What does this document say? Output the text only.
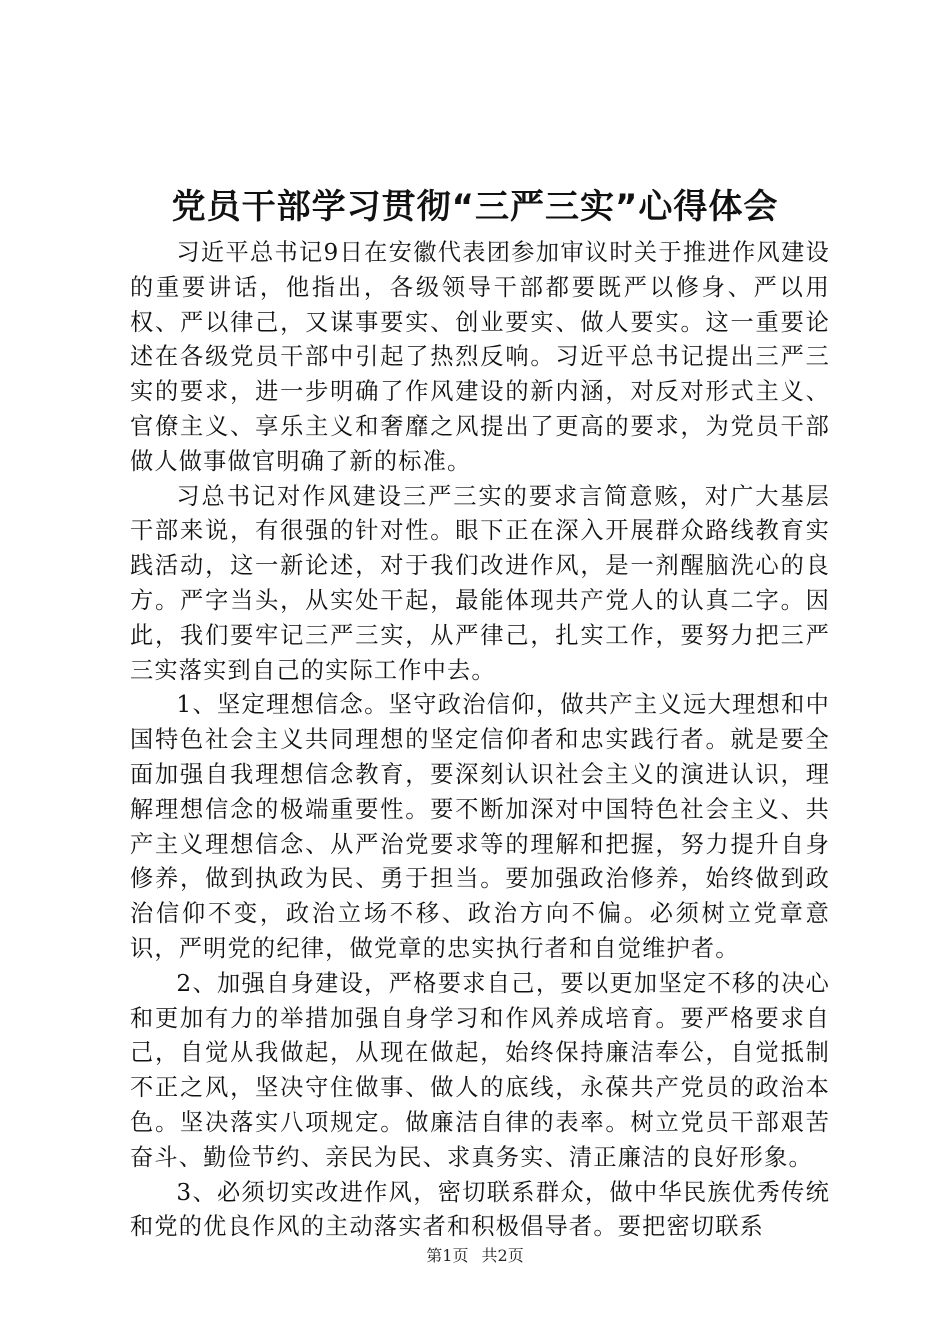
党员干部学习贯彻“三严三实”心得体会

习近平总书记9日在安徽代表团参加审议时关于推进作风建设的重要讲话，他指出，各级领导干部都要既严以修身、严以用权、严以律己，又谋事要实、创业要实、做人要实。这一重要论述在各级党员干部中引起了热烈反响。习近平总书记提出三严三实的要求，进一步明确了作风建设的新内涵，对反对形式主义、官僚主义、享乐主义和奢靡之风提出了更高的要求，为党员干部做人做事做官明确了新的标准。

习总书记对作风建设三严三实的要求言简意赅，对广大基层干部来说，有很强的针对性。眼下正在深入开展群众路线教育实践活动，这一新论述，对于我们改进作风，是一剂醒脑洗心的良方。严字当头，从实处干起，最能体现共产党人的认真二字。因此，我们要牢记三严三实，从严律己，扎实工作，要努力把三严三实落实到自己的实际工作中去。

1、坚定理想信念。坚守政治信仰，做共产主义远大理想和中国特色社会主义共同理想的坚定信仰者和忠实践行者。就是要全面加强自我理想信念教育，要深刻认识社会主义的演进认识，理解理想信念的极端重要性。要不断加深对中国特色社会主义、共产主义理想信念、从严治党要求等的理解和把握，努力提升自身修养，做到执政为民、勇于担当。要加强政治修养，始终做到政治信仰不变，政治立场不移、政治方向不偏。必须树立党章意识，严明党的纪律，做党章的忠实执行者和自觉维护者。

2、加强自身建设，严格要求自己，要以更加坚定不移的决心和更加有力的举措加强自身学习和作风养成培育。要严格要求自己，自觉从我做起，从现在做起，始终保持廉洁奉公，自觉抵制不正之风，坚决守住做事、做人的底线，永葆共产党员的政治本色。坚决落实八项规定。做廉洁自律的表率。树立党员干部艰苦奋斗、勤俭节约、亲民为民、求真务实、清正廉洁的良好形象。

3、必须切实改进作风，密切联系群众，做中华民族优秀传统和党的优良作风的主动落实者和积极倡导者。要把密切联系

第1页 共2页
